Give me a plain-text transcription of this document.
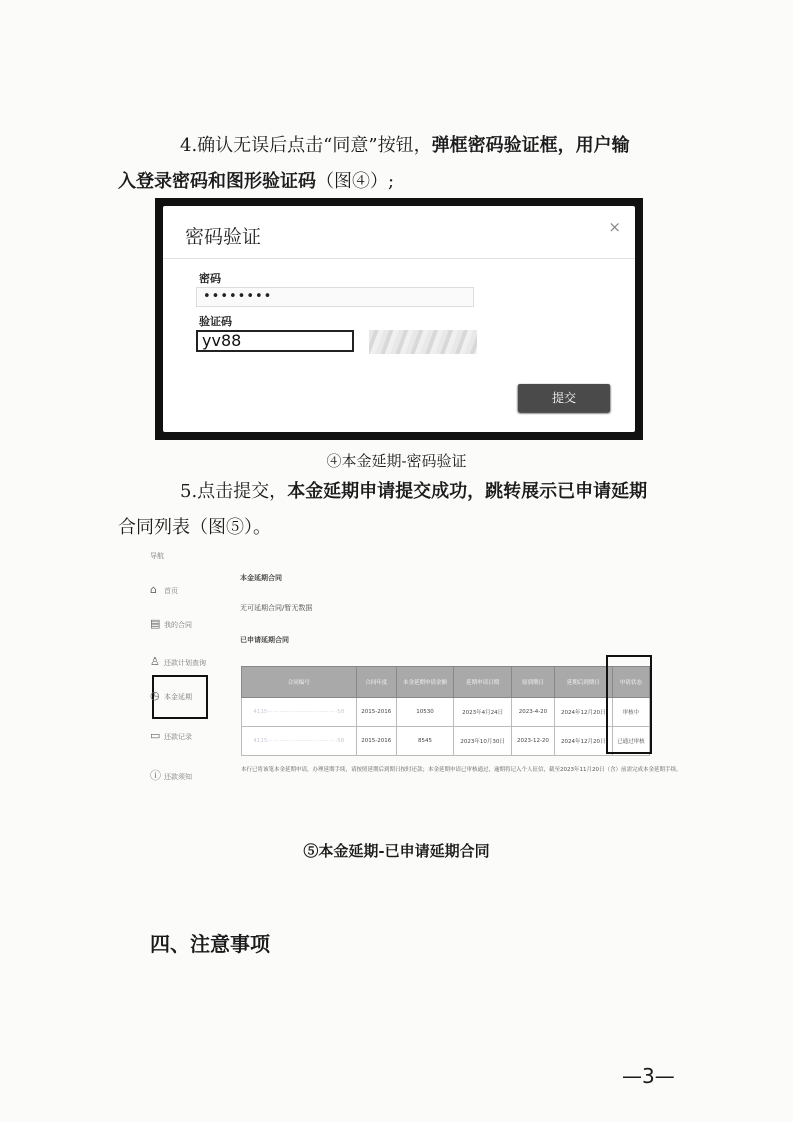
4.确认无误后点击“同意”按钮，弹框密码验证框，用户输
入登录密码和图形验证码（图④）;
密码验证	×
密码
••••••••
验证码
yv88
提交
④本金延期-密码验证
5.点击提交，本金延期申请提交成功，跳转展示已申请延期
合同列表（图⑤）。
导航
⌂ 首页
▤ 我的合同
♙ 还款计划查询
◷ 本金延期
▭ 还款记录
ⓘ 还款须知
本金延期合同
无可延期合同/暂无数据
已申请延期合同
合同编号	合同年度	本金延期申请金额	延期申请日期	原到期日	延期后到期日	申请状态
4115········································58	2015-2016	10530	2023年4月24日	2023-4-20	2024年12月20日	审核中
4115········································58	2015-2016	8545	2023年10月30日	2023-12-20	2024年12月20日	已通过审核
本行已将该笔本金延期申请，办理延期手续，请按照延期后到期日按时还款；本金延期申请已审核通过，逾期将记入个人征信，截至2023年11月20日（含）前需完成本金延期手续。
⑤本金延期-已申请延期合同
四、注意事项
—3—
